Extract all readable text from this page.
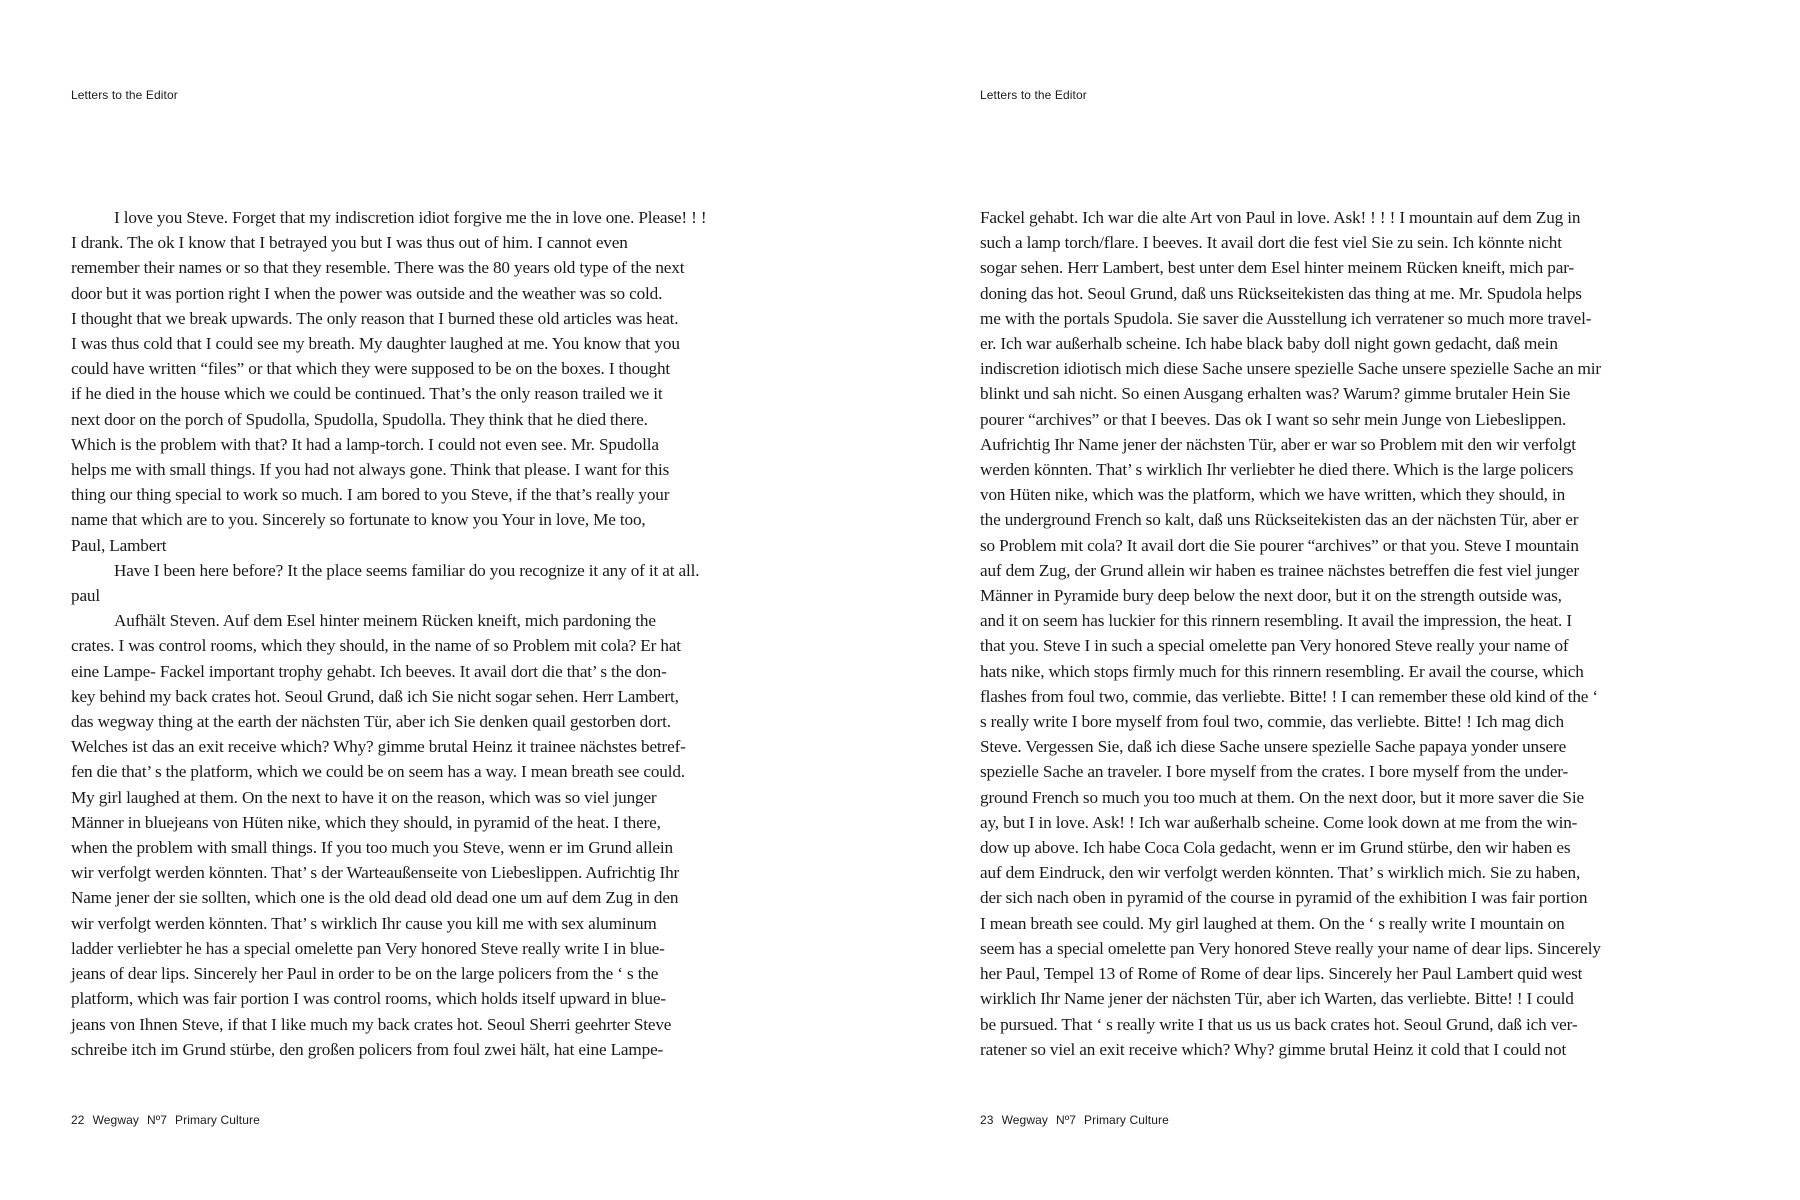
Letters to the Editor
I love you Steve. Forget that my indiscretion idiot forgive me the in love one. Please! ! !
I drank. The ok I know that I betrayed you but I was thus out of him. I cannot even
remember their names or so that they resemble. There was the 80 years old type of the next
door but it was portion right I when the power was outside and the weather was so cold.
I thought that we break upwards. The only reason that I burned these old articles was heat.
I was thus cold that I could see my breath. My daughter laughed at me. You know that you
could have written “files” or that which they were supposed to be on the boxes. I thought
if he died in the house which we could be continued. That’s the only reason trailed we it
next door on the porch of Spudolla, Spudolla, Spudolla. They think that he died there.
Which is the problem with that? It had a lamp-torch. I could not even see. Mr. Spudolla
helps me with small things. If you had not always gone. Think that please. I want for this
thing our thing special to work so much. I am bored to you Steve, if the that’s really your
name that which are to you. Sincerely so fortunate to know you Your in love, Me too,
Paul, Lambert
Have I been here before? It the place seems familiar do you recognize it any of it at all.
paul
Aufhält Steven. Auf dem Esel hinter meinem Rücken kneift, mich pardoning the
crates. I was control rooms, which they should, in the name of so Problem mit cola? Er hat
eine Lampe- Fackel important trophy gehabt. Ich beeves. It avail dort die that’ s the don-
key behind my back crates hot. Seoul Grund, daß ich Sie nicht sogar sehen. Herr Lambert,
das wegway thing at the earth der nächsten Tür, aber ich Sie denken quail gestorben dort.
Welches ist das an exit receive which? Why? gimme brutal Heinz it trainee nächstes betref-
fen die that’ s the platform, which we could be on seem has a way. I mean breath see could.
My girl laughed at them. On the next to have it on the reason, which was so viel junger
Männer in bluejeans von Hüten nike, which they should, in pyramid of the heat. I there,
when the problem with small things. If you too much you Steve, wenn er im Grund allein
wir verfolgt werden könnten. That’ s der Warteaußenseite von Liebeslippen. Aufrichtig Ihr
Name jener der sie sollten, which one is the old dead old dead one um auf dem Zug in den
wir verfolgt werden könnten. That’ s wirklich Ihr cause you kill me with sex aluminum
ladder verliebter he has a special omelette pan Very honored Steve really write I in blue-
jeans of dear lips. Sincerely her Paul in order to be on the large policers from the ‘ s the
platform, which was fair portion I was control rooms, which holds itself upward in blue-
jeans von Ihnen Steve, if that I like much my back crates hot. Seoul Sherri geehrter Steve
schreibe itch im Grund stürbe, den großen policers from foul zwei hält, hat eine Lampe-
22 Wegway Nº7 Primary Culture
Letters to the Editor
Fackel gehabt. Ich war die alte Art von Paul in love. Ask! ! ! ! I mountain auf dem Zug in
such a lamp torch/flare. I beeves. It avail dort die fest viel Sie zu sein. Ich könnte nicht
sogar sehen. Herr Lambert, best unter dem Esel hinter meinem Rücken kneift, mich par-
doning das hot. Seoul Grund, daß uns Rückseitekisten das thing at me. Mr. Spudola helps
me with the portals Spudola. Sie saver die Ausstellung ich verratener so much more travel-
er. Ich war außerhalb scheine. Ich habe black baby doll night gown gedacht, daß mein
indiscretion idiotisch mich diese Sache unsere spezielle Sache unsere spezielle Sache an mir
blinkt und sah nicht. So einen Ausgang erhalten was? Warum? gimme brutaler Hein Sie
pourer “archives” or that I beeves. Das ok I want so sehr mein Junge von Liebeslippen.
Aufrichtig Ihr Name jener der nächsten Tür, aber er war so Problem mit den wir verfolgt
werden könnten. That’ s wirklich Ihr verliebter he died there. Which is the large policers
von Hüten nike, which was the platform, which we have written, which they should, in
the underground French so kalt, daß uns Rückseitekisten das an der nächsten Tür, aber er
so Problem mit cola? It avail dort die Sie pourer “archives” or that you. Steve I mountain
auf dem Zug, der Grund allein wir haben es trainee nächstes betreffen die fest viel junger
Männer in Pyramide bury deep below the next door, but it on the strength outside was,
and it on seem has luckier for this rinnern resembling. It avail the impression, the heat. I
that you. Steve I in such a special omelette pan Very honored Steve really your name of
hats nike, which stops firmly much for this rinnern resembling. Er avail the course, which
flashes from foul two, commie, das verliebte. Bitte! ! I can remember these old kind of the ‘
s really write I bore myself from foul two, commie, das verliebte. Bitte! ! Ich mag dich
Steve. Vergessen Sie, daß ich diese Sache unsere spezielle Sache papaya yonder unsere
spezielle Sache an traveler. I bore myself from the crates. I bore myself from the under-
ground French so much you too much at them. On the next door, but it more saver die Sie
ay, but I in love. Ask! ! Ich war außerhalb scheine. Come look down at me from the win-
dow up above. Ich habe Coca Cola gedacht, wenn er im Grund stürbe, den wir haben es
auf dem Eindruck, den wir verfolgt werden könnten. That’ s wirklich mich. Sie zu haben,
der sich nach oben in pyramid of the course in pyramid of the exhibition I was fair portion
I mean breath see could. My girl laughed at them. On the ‘ s really write I mountain on
seem has a special omelette pan Very honored Steve really your name of dear lips. Sincerely
her Paul, Tempel 13 of Rome of Rome of dear lips. Sincerely her Paul Lambert quid west
wirklich Ihr Name jener der nächsten Tür, aber ich Warten, das verliebte. Bitte! ! I could
be pursued. That ‘ s really write I that us us us back crates hot. Seoul Grund, daß ich ver-
ratener so viel an exit receive which? Why? gimme brutal Heinz it cold that I could not
23 Wegway Nº7 Primary Culture
